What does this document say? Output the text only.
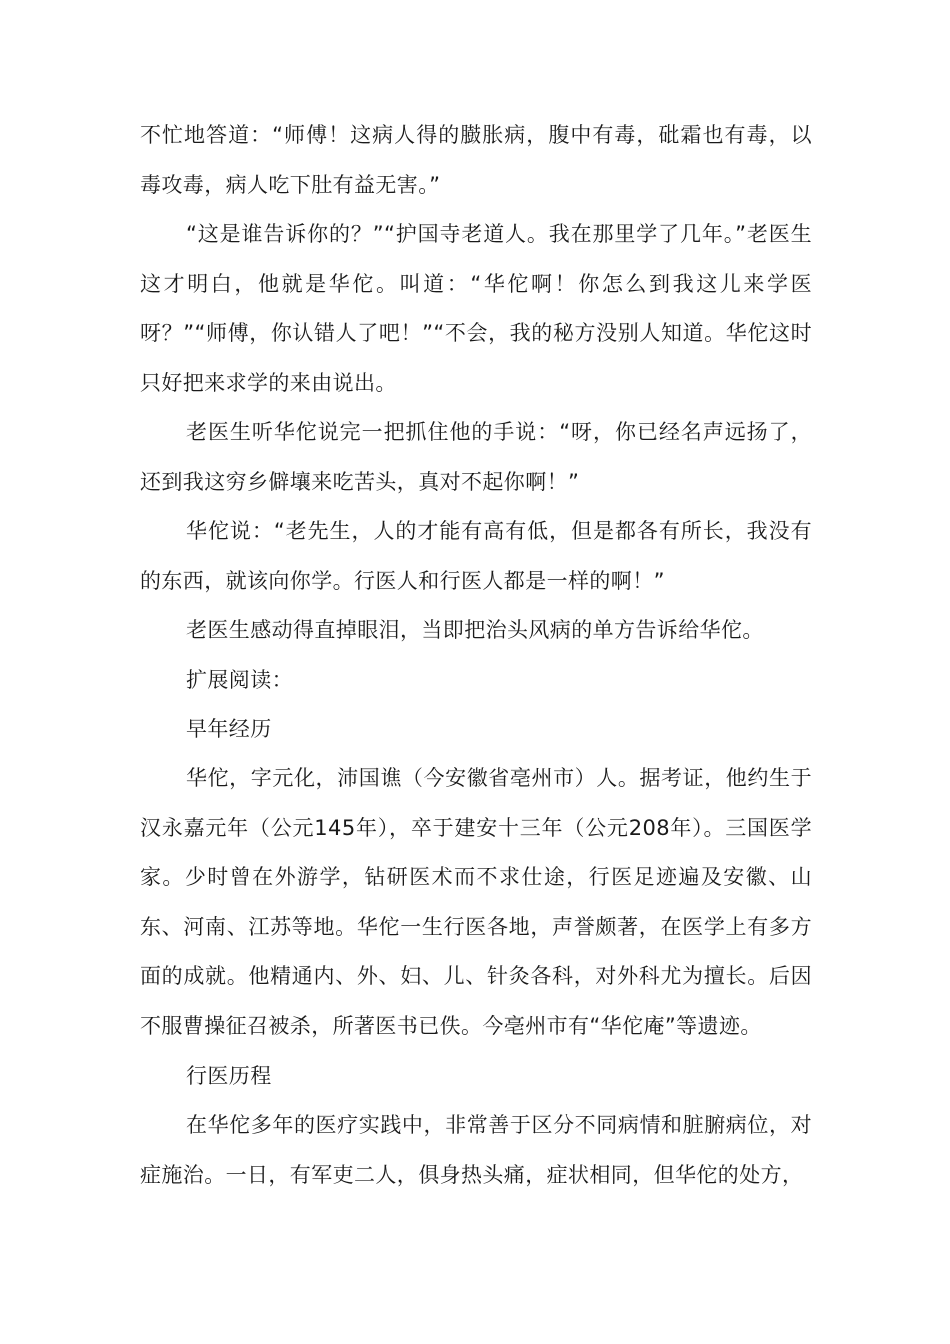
不忙地答道：“师傅！这病人得的臌胀病，腹中有毒，砒霜也有毒，以毒攻毒，病人吃下肚有益无害。”

“这是谁告诉你的？”“护国寺老道人。我在那里学了几年。”老医生这才明白，他就是华佗。叫道：“华佗啊！你怎么到我这儿来学医呀？”“师傅，你认错人了吧！”“不会，我的秘方没别人知道。华佗这时只好把来求学的来由说出。

老医生听华佗说完一把抓住他的手说：“呀，你已经名声远扬了，还到我这穷乡僻壤来吃苦头，真对不起你啊！”

华佗说：“老先生，人的才能有高有低，但是都各有所长，我没有的东西，就该向你学。行医人和行医人都是一样的啊！”

老医生感动得直掉眼泪，当即把治头风病的单方告诉给华佗。

扩展阅读：

早年经历

华佗，字元化，沛国谯（今安徽省亳州市）人。据考证，他约生于汉永嘉元年（公元145年），卒于建安十三年（公元208年）。三国医学家。少时曾在外游学，钻研医术而不求仕途，行医足迹遍及安徽、山东、河南、江苏等地。华佗一生行医各地，声誉颇著，在医学上有多方面的成就。他精通内、外、妇、儿、针灸各科，对外科尤为擅长。后因不服曹操征召被杀，所著医书已佚。今亳州市有“华佗庵”等遗迹。

行医历程

在华佗多年的医疗实践中，非常善于区分不同病情和脏腑病位，对症施治。一日，有军吏二人，俱身热头痛，症状相同，但华佗的处方，
